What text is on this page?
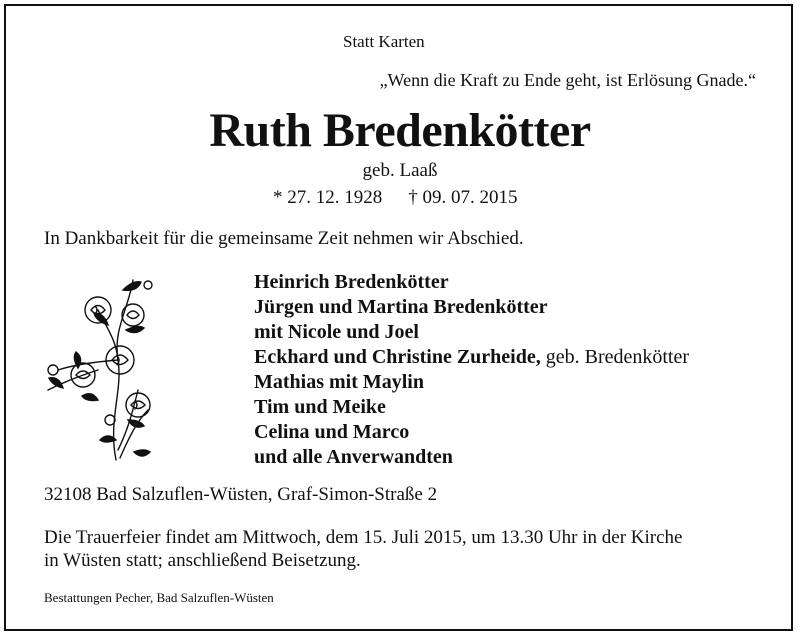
Statt Karten
„Wenn die Kraft zu Ende geht, ist Erlösung Gnade.“
Ruth Bredenkötter
geb. Laaß
* 27. 12. 1928 † 09. 07. 2015
In Dankbarkeit für die gemeinsame Zeit nehmen wir Abschied.
Heinrich Bredenkötter
Jürgen und Martina Bredenkötter
mit Nicole und Joel
Eckhard und Christine Zurheide, geb. Bredenkötter
Mathias mit Maylin
Tim und Meike
Celina und Marco
und alle Anverwandten
32108 Bad Salzuflen-Wüsten, Graf-Simon-Straße 2
Die Trauerfeier findet am Mittwoch, dem 15. Juli 2015, um 13.30 Uhr in der Kirche
in Wüsten statt; anschließend Beisetzung.
Bestattungen Pecher, Bad Salzuflen-Wüsten
